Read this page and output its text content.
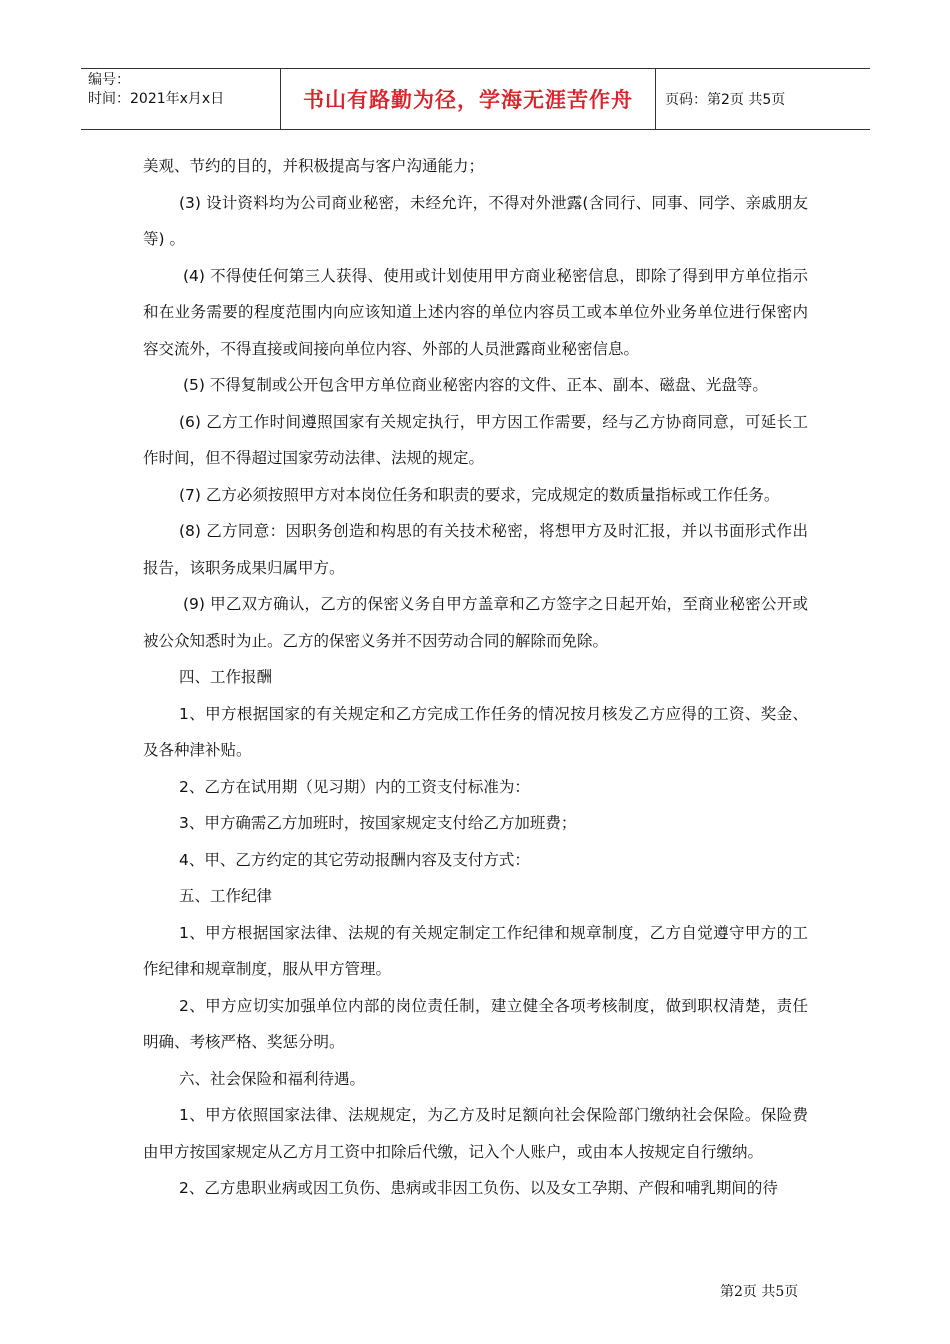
编号：
时间：2021年x月x日	书山有路勤为径，学海无涯苦作舟	页码：第2页 共5页

美观、节约的目的，并积极提高与客户沟通能力；

(3) 设计资料均为公司商业秘密，未经允许，不得对外泄露(含同行、同事、同学、亲戚朋友等) 。

(4) 不得使任何第三人获得、使用或计划使用甲方商业秘密信息，即除了得到甲方单位指示和在业务需要的程度范围内向应该知道上述内容的单位内容员工或本单位外业务单位进行保密内容交流外，不得直接或间接向单位内容、外部的人员泄露商业秘密信息。

(5) 不得复制或公开包含甲方单位商业秘密内容的文件、正本、副本、磁盘、光盘等。

(6) 乙方工作时间遵照国家有关规定执行，甲方因工作需要，经与乙方协商同意，可延长工作时间，但不得超过国家劳动法律、法规的规定。

(7) 乙方必须按照甲方对本岗位任务和职责的要求，完成规定的数质量指标或工作任务。

(8) 乙方同意：因职务创造和构思的有关技术秘密，将想甲方及时汇报，并以书面形式作出报告，该职务成果归属甲方。

(9) 甲乙双方确认，乙方的保密义务自甲方盖章和乙方签字之日起开始，至商业秘密公开或被公众知悉时为止。乙方的保密义务并不因劳动合同的解除而免除。

四、工作报酬

1、甲方根据国家的有关规定和乙方完成工作任务的情况按月核发乙方应得的工资、奖金、及各种津补贴。

2、乙方在试用期（见习期）内的工资支付标准为：

3、甲方确需乙方加班时，按国家规定支付给乙方加班费；

4、甲、乙方约定的其它劳动报酬内容及支付方式：

五、工作纪律

1、甲方根据国家法律、法规的有关规定制定工作纪律和规章制度，乙方自觉遵守甲方的工作纪律和规章制度，服从甲方管理。

2、甲方应切实加强单位内部的岗位责任制，建立健全各项考核制度，做到职权清楚，责任明确、考核严格、奖惩分明。

六、社会保险和福利待遇。

1、甲方依照国家法律、法规规定，为乙方及时足额向社会保险部门缴纳社会保险。保险费由甲方按国家规定从乙方月工资中扣除后代缴，记入个人账户，或由本人按规定自行缴纳。

2、乙方患职业病或因工负伤、患病或非因工负伤、以及女工孕期、产假和哺乳期间的待

第2页 共5页
